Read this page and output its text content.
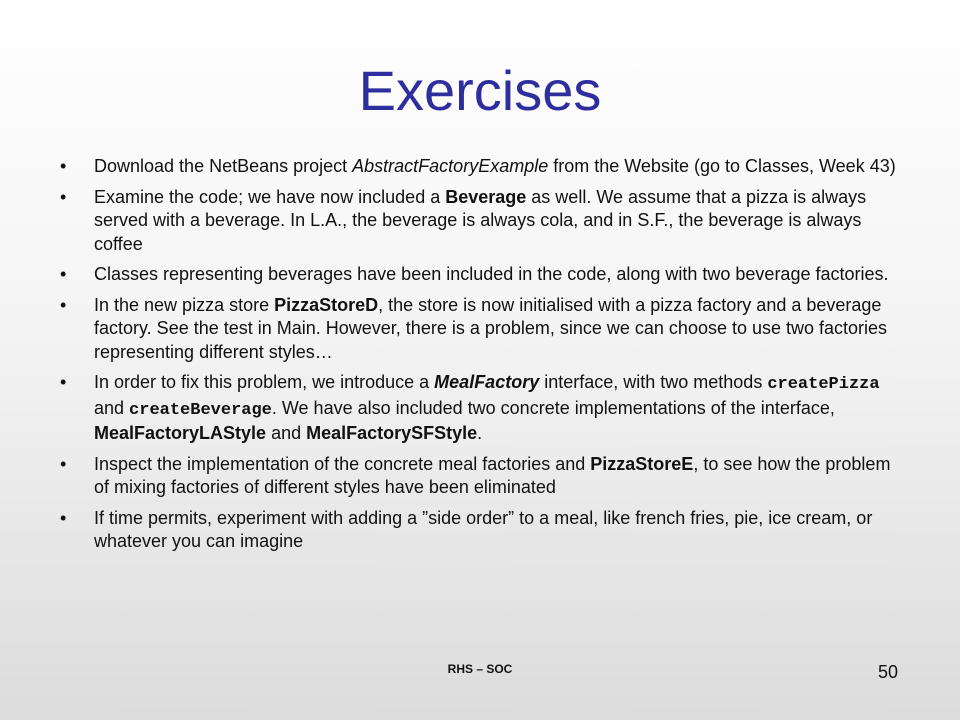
Exercises
•	Download the NetBeans project AbstractFactoryExample from the Website (go to Classes, Week 43)
•	Examine the code; we have now included a Beverage as well. We assume that a pizza is always served with a beverage. In L.A., the beverage is always cola, and in S.F., the beverage is always coffee
•	Classes representing beverages have been included in the code, along with two beverage factories.
•	In the new pizza store PizzaStoreD, the store is now initialised with a pizza factory and a beverage factory. See the test in Main. However, there is a problem, since we can choose to use two factories representing different styles…
•	In order to fix this problem, we introduce a MealFactory interface, with two methods createPizza and createBeverage. We have also included two concrete implementations of the interface, MealFactoryLAStyle and MealFactorySFStyle.
•	Inspect the implementation of the concrete meal factories and PizzaStoreE, to see how the problem of mixing factories of different styles have been eliminated
•	If time permits, experiment with adding a ”side order” to a meal, like french fries, pie, ice cream, or whatever you can imagine
RHS – SOC	50
